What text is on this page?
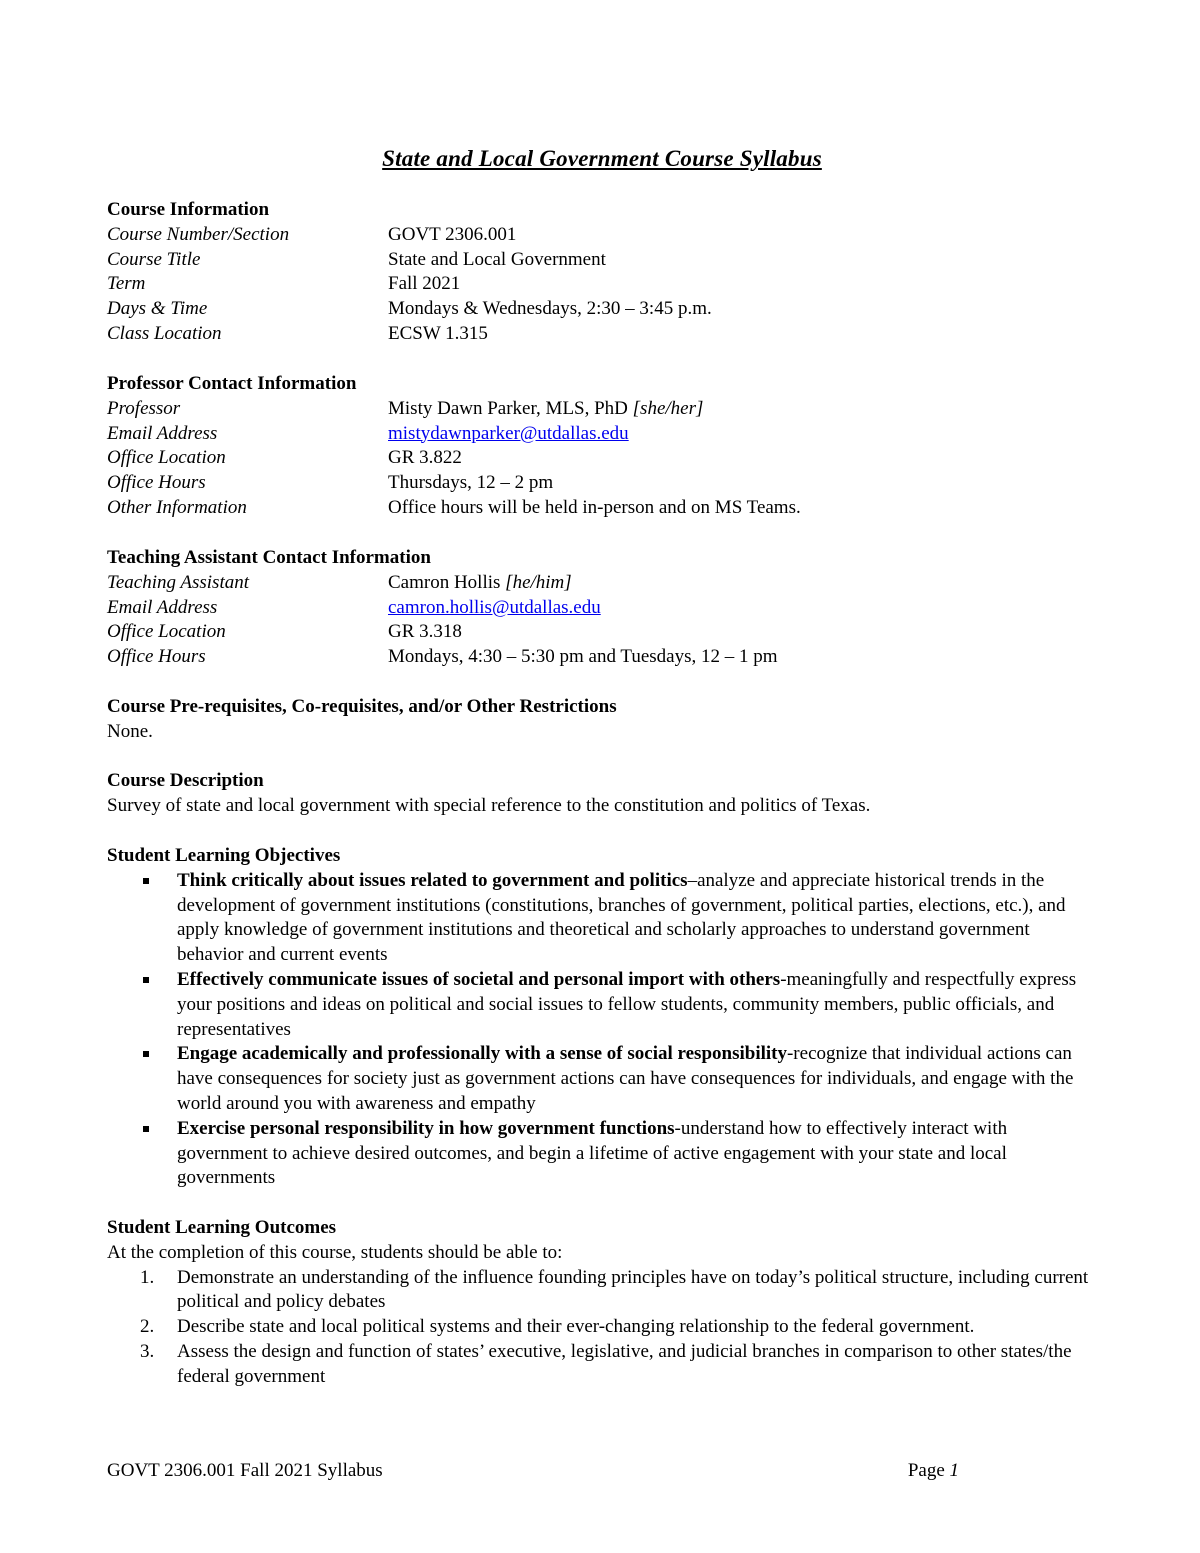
State and Local Government Course Syllabus
Course Information
Course Number/Section	GOVT 2306.001
Course Title	State and Local Government
Term	Fall 2021
Days & Time	Mondays & Wednesdays, 2:30 – 3:45 p.m.
Class Location	ECSW 1.315
Professor Contact Information
Professor	Misty Dawn Parker, MLS, PhD [she/her]
Email Address	mistydawnparker@utdallas.edu
Office Location	GR 3.822
Office Hours	Thursdays, 12 – 2 pm
Other Information	Office hours will be held in-person and on MS Teams.
Teaching Assistant Contact Information
Teaching Assistant	Camron Hollis [he/him]
Email Address	camron.hollis@utdallas.edu
Office Location	GR 3.318
Office Hours	Mondays, 4:30 – 5:30 pm and Tuesdays, 12 – 1 pm
Course Pre-requisites, Co-requisites, and/or Other Restrictions
None.
Course Description
Survey of state and local government with special reference to the constitution and politics of Texas.
Student Learning Objectives
Think critically about issues related to government and politics–analyze and appreciate historical trends in the development of government institutions (constitutions, branches of government, political parties, elections, etc.), and apply knowledge of government institutions and theoretical and scholarly approaches to understand government behavior and current events
Effectively communicate issues of societal and personal import with others-meaningfully and respectfully express your positions and ideas on political and social issues to fellow students, community members, public officials, and representatives
Engage academically and professionally with a sense of social responsibility-recognize that individual actions can have consequences for society just as government actions can have consequences for individuals, and engage with the world around you with awareness and empathy
Exercise personal responsibility in how government functions-understand how to effectively interact with government to achieve desired outcomes, and begin a lifetime of active engagement with your state and local governments
Student Learning Outcomes
At the completion of this course, students should be able to:
1. Demonstrate an understanding of the influence founding principles have on today’s political structure, including current political and policy debates
2. Describe state and local political systems and their ever-changing relationship to the federal government.
3. Assess the design and function of states’ executive, legislative, and judicial branches in comparison to other states/the federal government
GOVT 2306.001 Fall 2021 Syllabus	Page 1
